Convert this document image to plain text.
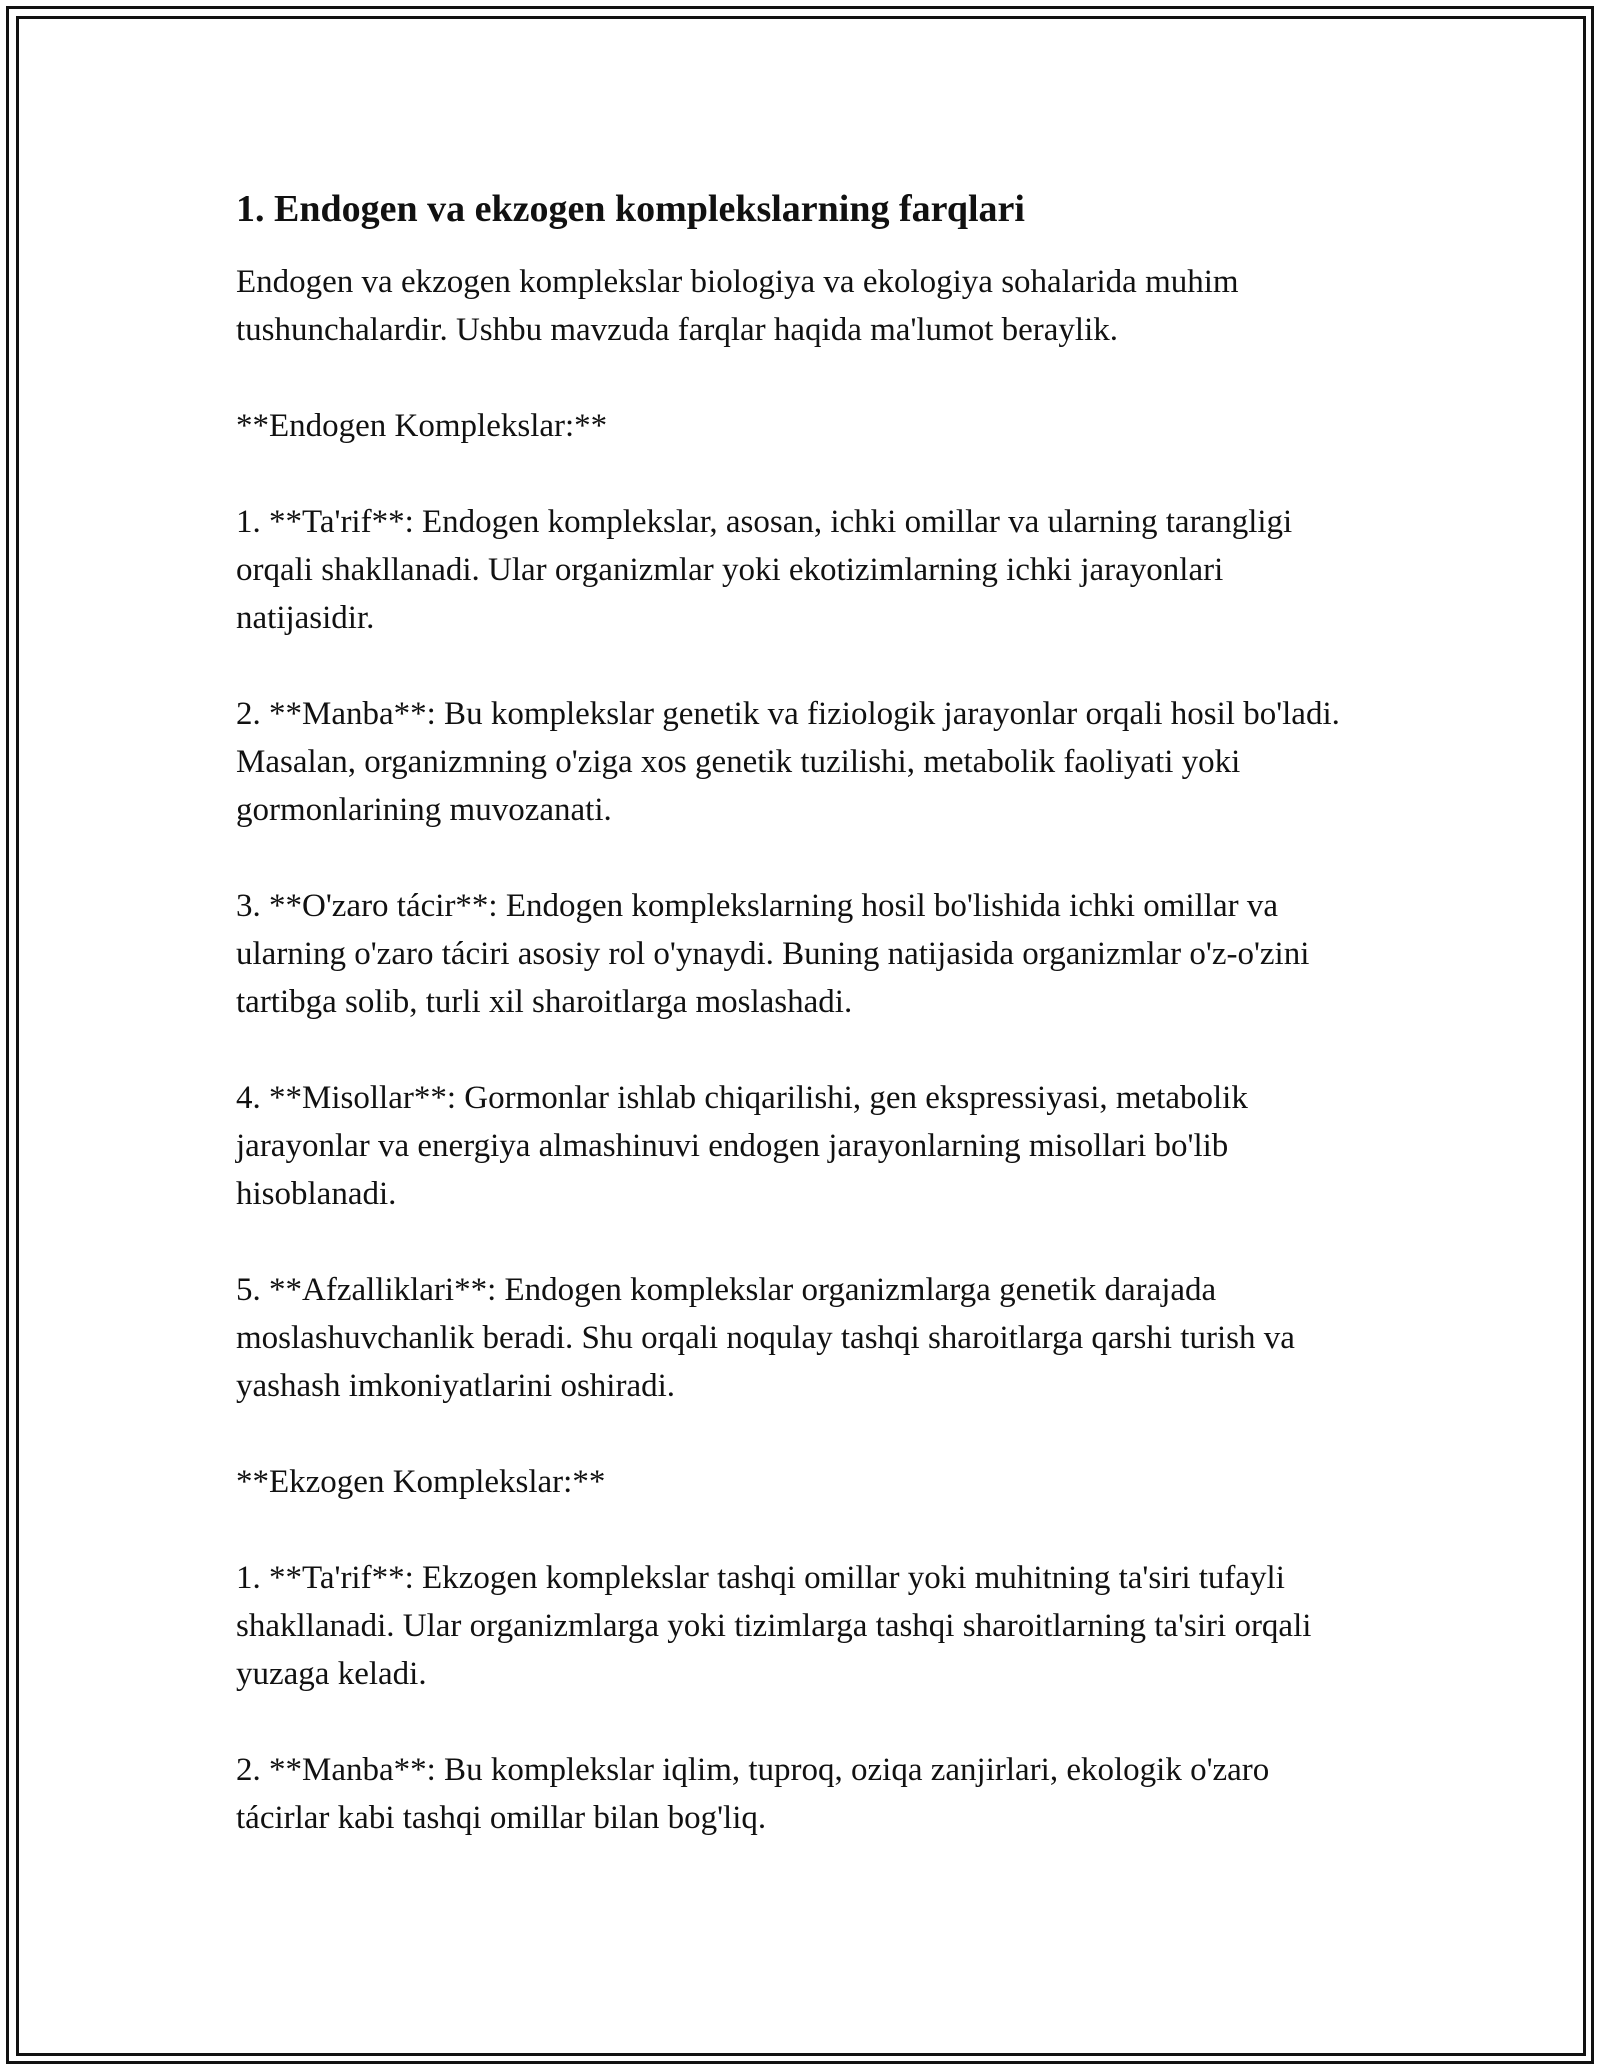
1. Endogen va ekzogen komplekslarning farqlari

Endogen va ekzogen komplekslar biologiya va ekologiya sohalarida muhim tushunchalardir. Ushbu mavzuda farqlar haqida ma'lumot beraylik.

**Endogen Komplekslar:**

1. **Ta'rif**: Endogen komplekslar, asosan, ichki omillar va ularning tarangligi orqali shakllanadi. Ular organizmlar yoki ekotizimlarning ichki jarayonlari natijasidir.

2. **Manba**: Bu komplekslar genetik va fiziologik jarayonlar orqali hosil bo'ladi. Masalan, organizmning o'ziga xos genetik tuzilishi, metabolik faoliyati yoki gormonlarining muvozanati.

3. **O'zaro tácir**: Endogen komplekslarning hosil bo'lishida ichki omillar va ularning o'zaro táciri asosiy rol o'ynaydi. Buning natijasida organizmlar o'z-o'zini tartibga solib, turli xil sharoitlarga moslashadi.

4. **Misollar**: Gormonlar ishlab chiqarilishi, gen ekspressiyasi, metabolik jarayonlar va energiya almashinuvi endogen jarayonlarning misollari bo'lib hisoblanadi.

5. **Afzalliklari**: Endogen komplekslar organizmlarga genetik darajada moslashuvchanlik beradi. Shu orqali noqulay tashqi sharoitlarga qarshi turish va yashash imkoniyatlarini oshiradi.

**Ekzogen Komplekslar:**

1. **Ta'rif**: Ekzogen komplekslar tashqi omillar yoki muhitning ta'siri tufayli shakllanadi. Ular organizmlarga yoki tizimlarga tashqi sharoitlarning ta'siri orqali yuzaga keladi.

2. **Manba**: Bu komplekslar iqlim, tuproq, oziqa zanjirlari, ekologik o'zaro tácirlar kabi tashqi omillar bilan bog'liq.
